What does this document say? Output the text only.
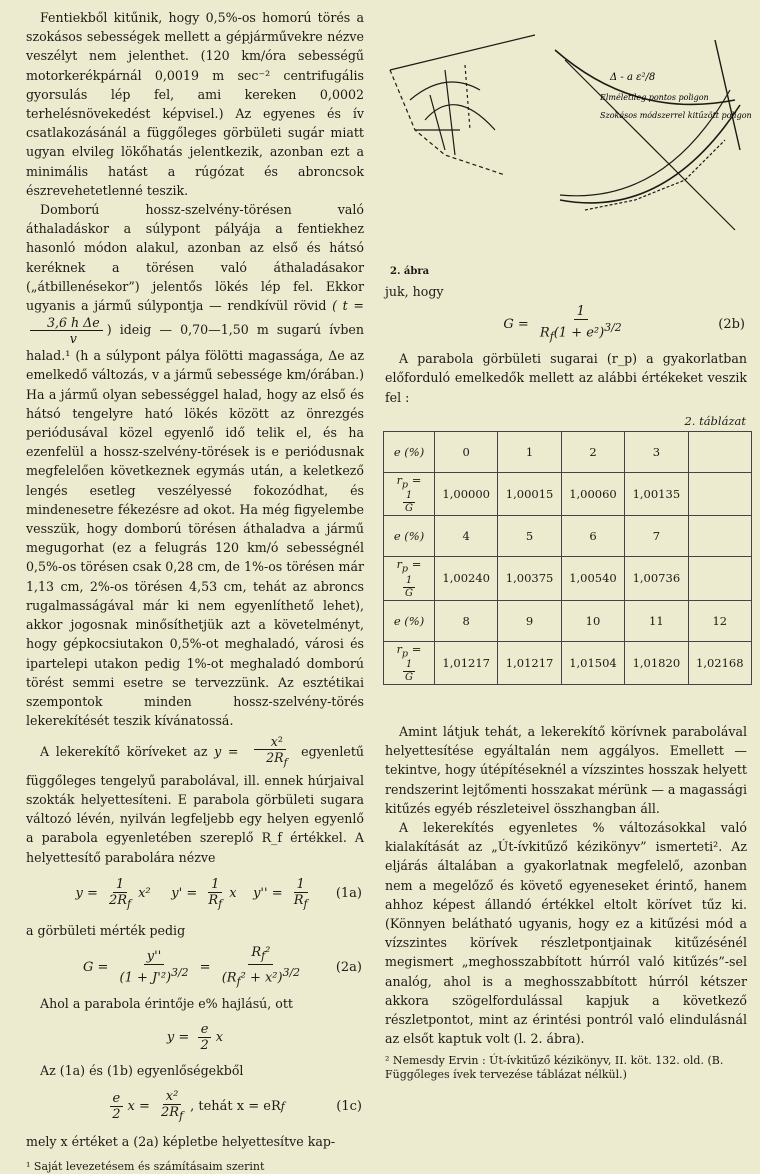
Fentiekből kitűnik, hogy 0,5%-os homorú törés a szokásos sebességek mellett a gépjárművekre nézve veszélyt nem jelenthet. (120 km/óra sebességű motorkerékpárnál 0,0019 m sec⁻² centrifugális gyorsulás lép fel, ami kereken 0,0002 terhelésnövekedést képvisel.) Az egyenes és ív csatlakozásánál a függőleges görbületi sugár miatt ugyan elvileg lökőhatás jelentkezik, azonban ezt a minimális hatást a rúgózat és abroncsok észrevehetetlenné teszik.

Domború hossz-szelvény-törésen való áthaladáskor a súlypont pályája a fentiekhez hasonló módon alakul, azonban az első és hátsó keréknek a törésen való áthaladásakor („átbillenésekor”) jelentős lökés lép fel. Ekkor ugyanis a jármű súlypontja — rendkívül rövid ( t =
$\frac{\text{3,6 h Δe}}{v}$ ) ideig — 0,70—1,50 m sugarú ívben halad.¹ (h a súlypont pálya fölötti magassága, Δe az emelkedő változás, v a jármű sebessége km/órában.) Ha a jármű olyan sebességgel halad, hogy az első és hátsó tengelyre ható lökés között az önrezgés periódusával közel egyenlő idő telik el, és ha ezenfelül a hossz-szelvény-törések is e periódusnak megfelelően következnek egymás után, a keletkező lengés esetleg veszélyessé fokozódhat, és mindenesetre fékezésre ad okot. Ha még figyelembe vesszük, hogy domború törésen áthaladva a jármű megugorhat (ez a felugrás 120 km/ó sebességnél 0,5%-os törésen csak 0,28 cm, de 1%-os törésen már 1,13 cm, 2%-os törésen 4,53 cm, tehát az abroncs rugalmasságával már ki nem egyenlíthető lehet), akkor jogosnak minősíthetjük azt a követelményt, hogy gépkocsiutakon 0,5%-ot meghaladó, városi és ipartelepi utakon pedig 1%-ot meghaladó domború törést semmi esetre se tervezzünk. Az esztétikai szempontok minden hossz-szelvény-törés lekerekítését teszik kívánatossá.

A lekerekítő köríveket az $y = \frac{\text{x²}}{2R_f}$ egyenletű függőleges tengelyű parabolával, ill. ennek húrjaival szokták helyettesíteni. E parabola görbületi sugara változó lévén, nyilván legfeljebb egy helyen egyenlő a parabola egyenletében szereplő R_f értékkel. A helyettesítő parabolára nézve

$y = \frac{1}{2R_f}$ x ² $y' = \frac{1}{R_f}$ x
$y'' = \frac{1}{R_f} (1a)$

a görbületi mérték pedig

$G = \frac{y''}{(1 + J'^2)^{3/2}} = \frac{R_f^2}{(R_f^2 + x^2)^{3/2}}$	(2a)

Ahol a parabola érintője e% hajlású, ott

$y = \frac{e}{2}$ x

Az (1a) és (1b) egyenlőségekből

$\frac{e}{2}$ $x = \frac{\text{x²}}{2R_f}$ , tehát x = eR f	(1c)

mely x értéket a (2a) képletbe helyettesítve kap-

¹ Saját levezetésem és számításaim szerint
Δ - a ε²/8
Elméletileg pontos poligon
Szokásos módszerrel kitűzött poligon
2. ábra

juk, hogy

$G = \frac{1}{R_f(1 + e^2)^{3/2}}$	(2b)

A parabola görbületi sugarai (r_p) a gyakorlatban előforduló emelkedők mellett az alábbi értékeket veszik fel :

2. táblázat
e (%)	0	1	2	3	
$r_p$ =
$\frac{1}{G}$	1,00000	1,00015	1,00060	1,00135	
e (%)	4	5	6	7	
$r_p$ =
$\frac{1}{G}$	1,00240	1,00375	1,00540	1,00736	
e (%)	8	9	10	11	12
$r_p$ =
$\frac{1}{G}$	1,01217	1,01217	1,01504	1,01820	1,02168

Amint látjuk tehát, a lekerekítő körívnek parabolával helyettesítése egyáltalán nem aggályos. Emellett — tekintve, hogy útépítéseknél a vízszintes hosszak helyett rendszerint lejtőmenti hosszakat mérünk — a magassági kitűzés egyéb részleteivel összhangban áll.

A lekerekítés egyenletes % változásokkal való kialakítását az „Út-ívkitűző kézikönyv” ismerteti². Az eljárás általában a gyakorlatnak megfelelő, azonban nem a megelőző és követő egyeneseket érintő, hanem ahhoz képest állandó értékkel eltolt körívet tűz ki. (Könnyen belátható ugyanis, hogy ez a kitűzési mód a vízszintes körívek részletpontjainak kitűzésénél megismert „meghosszabbított húrról való kitűzés”-sel analóg, ahol is a meghosszabbított húrról kétszer akkora szögelfordulással kapjuk a következő részletpontot, mint az érintési pontról való elindulásnál az elsőt kaptuk volt (l. 2. ábra).

² Nemesdy Ervin : Út-ívkitűző kézikönyv, II. köt. 132. old. (B. Függőleges ívek tervezése táblázat nélkül.)
